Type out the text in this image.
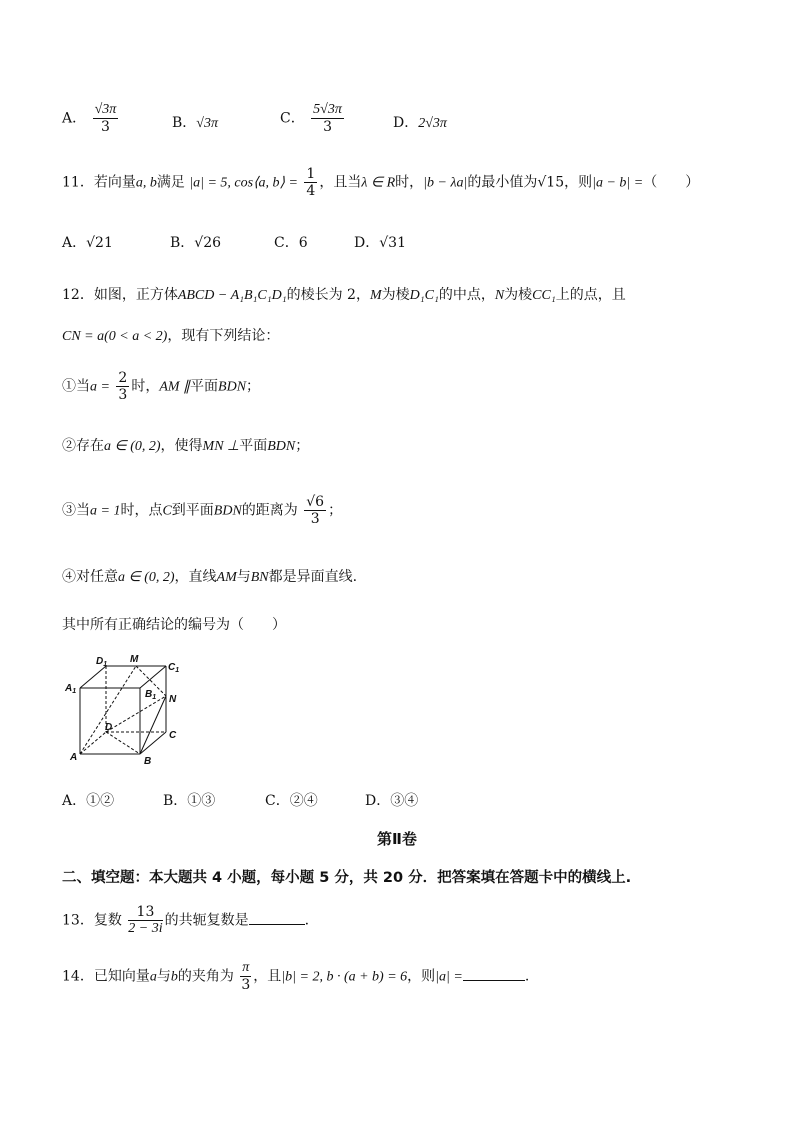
A． $\frac{√3\pi}{3}$	B．√3π	C． $\frac{5√3\pi}{3}$	D．2√3π
11．若向量a, b满足 |a| = 5, cos⟨a, b⟩ = $\frac{1}{4}$ ，且当λ ∈ R时，|b − λa|的最小值为√15，则|a − b| =（　　）
A．√21	B．√26	C．6	D．√31
12．如图，正方体ABCD − A₁B₁C₁D₁的棱长为 2，M为棱D₁C₁的中点，N为棱CC₁上的点，且
CN = a(0 < a < 2)，现有下列结论：
①当$a = \frac{2}{3}$ 时，AM ∥平面BDN；
②存在a ∈ (0, 2)，使得MN ⊥平面BDN；
③当a = 1时，点C到平面BDN的距离为 $\frac{√6}{3}$ ；
④对任意a ∈ (0, 2)，直线AM与BN都是异面直线.
其中所有正确结论的编号为（　　）
$D_1$ M
$C_1$
$A_1$	$B_1$ N
D
C
A	B
A．①②	B．①③	C．②④	D．③④
第Ⅱ卷
二、填空题：本大题共 4 小题，每小题 5 分，共 20 分．把答案填在答题卡中的横线上.
13．复数 $\frac{13}{2 - 3i}$ 的共轭复数是	.
14．已知向量a与b的夹角为 $\frac{\pi}{3}$ ，且|b| = 2, b · (a + b) = 6，则|a| =	.
